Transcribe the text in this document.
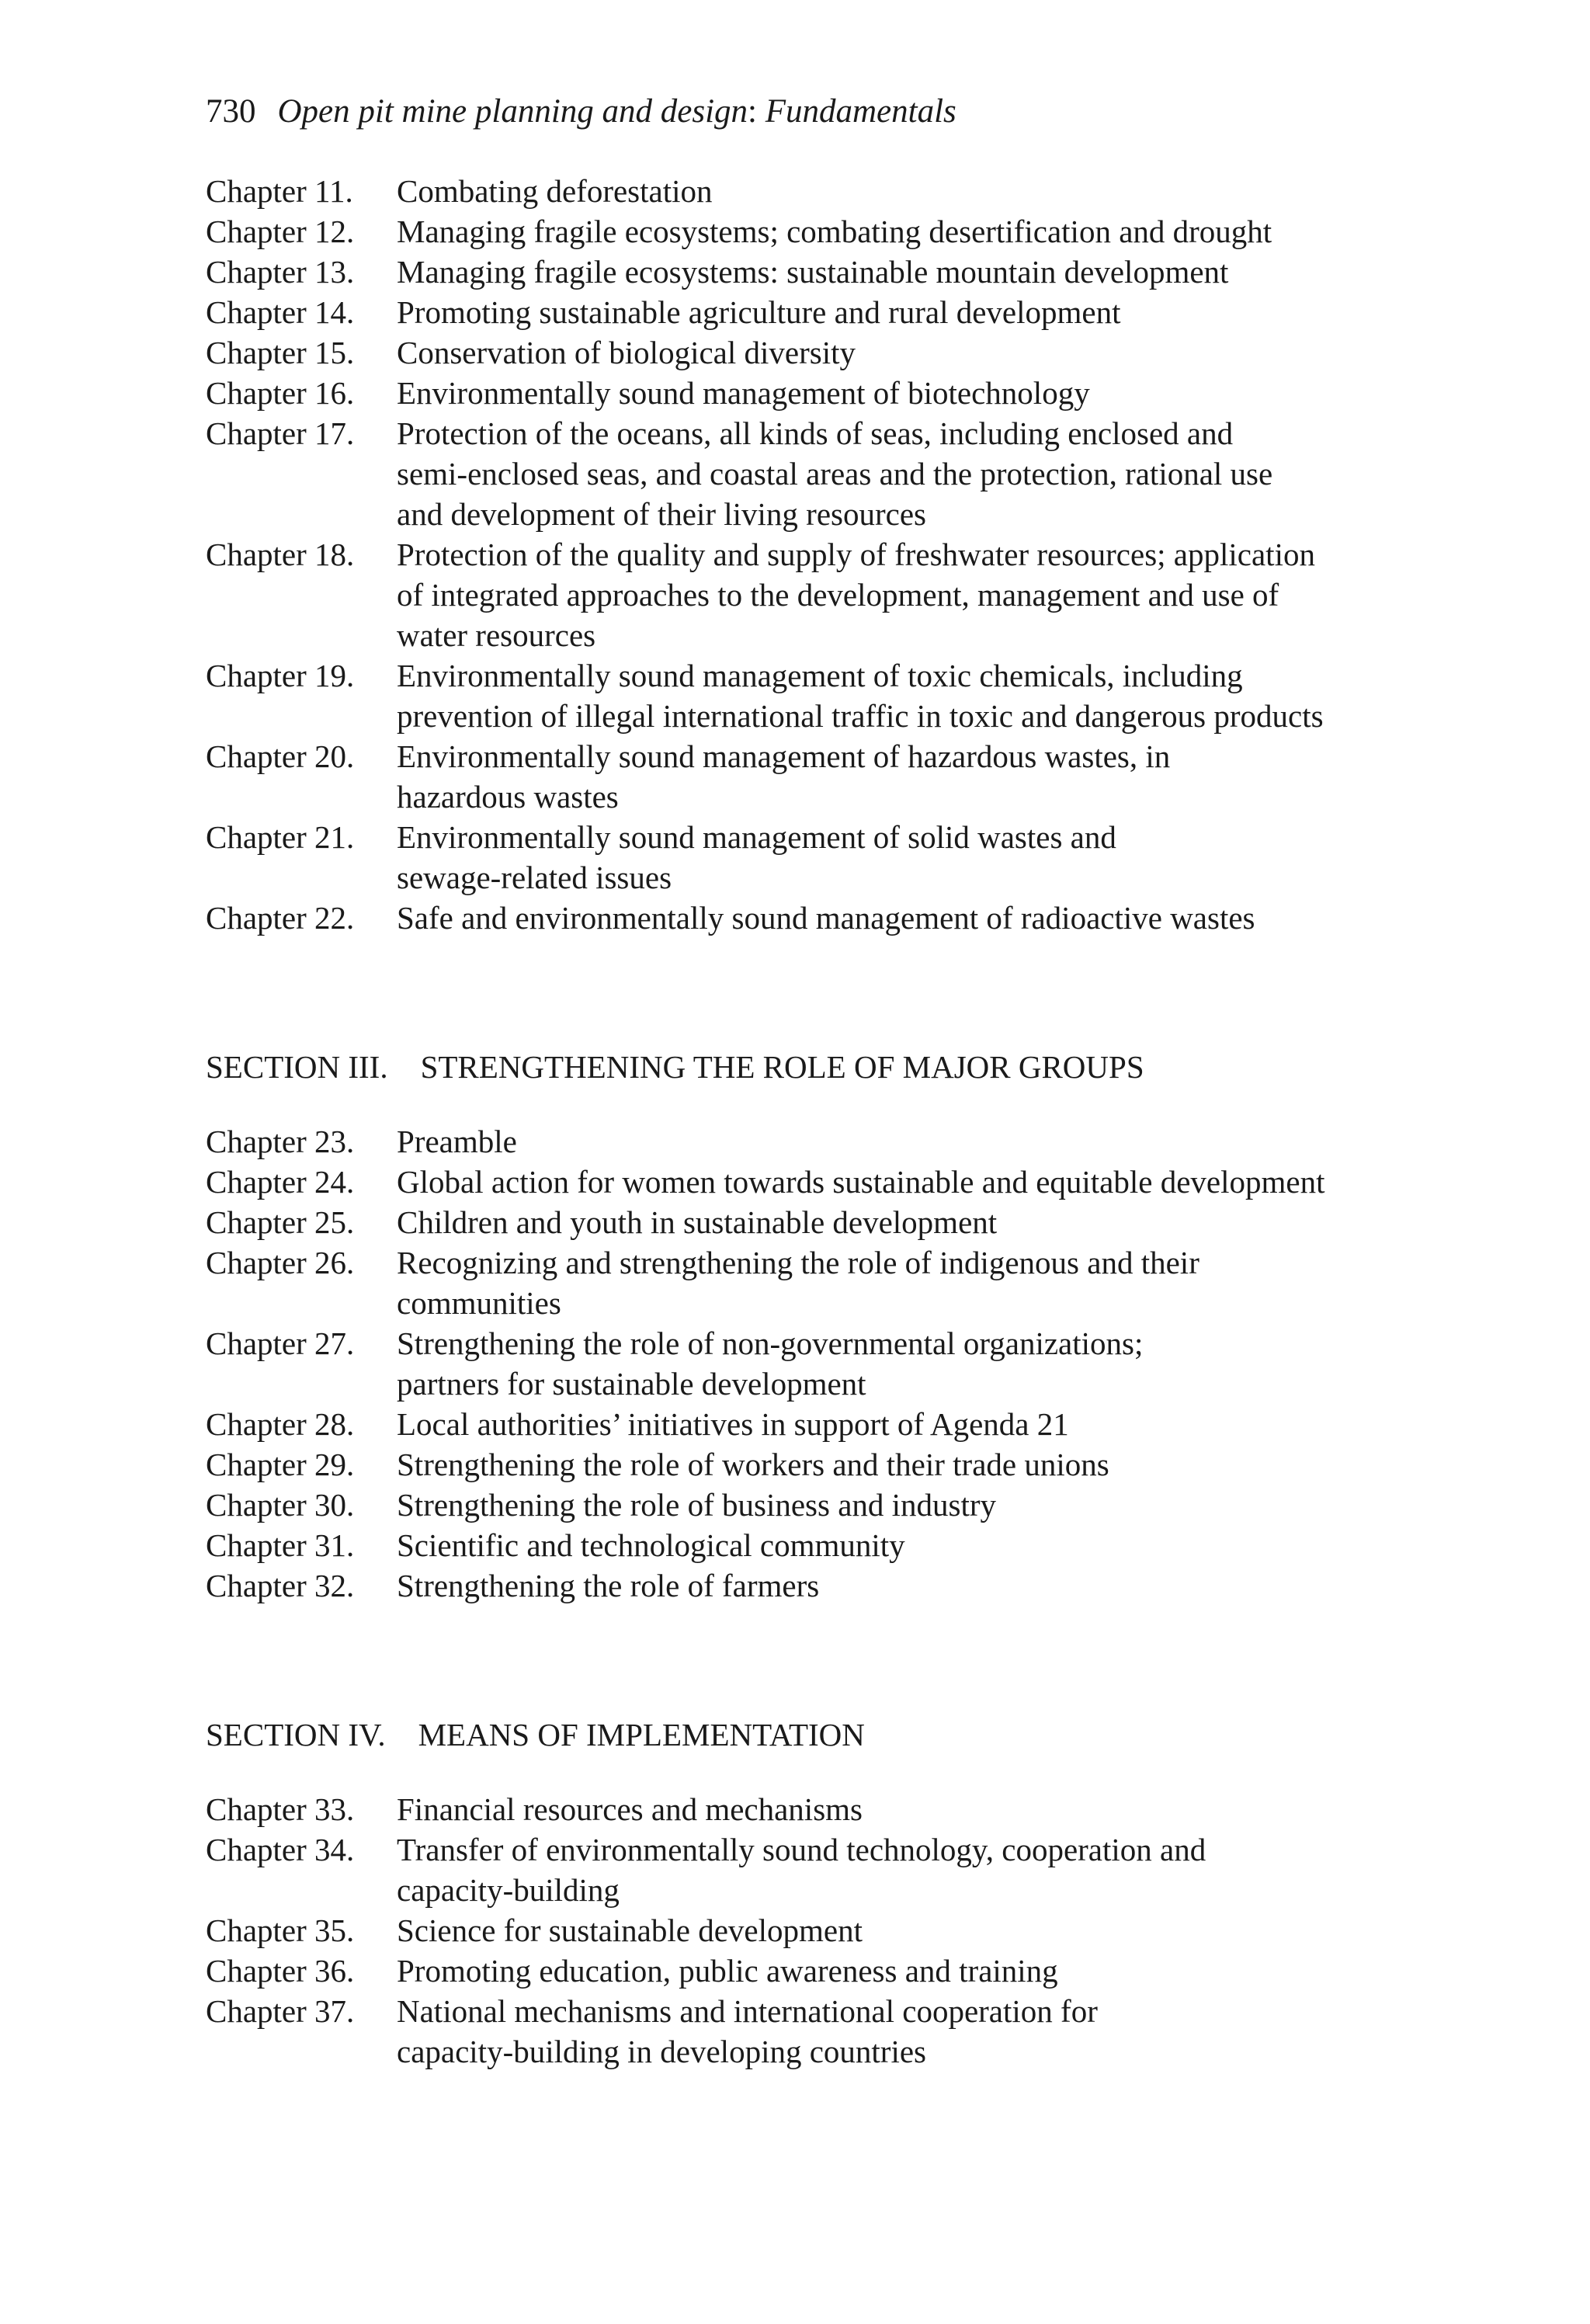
730 Open pit mine planning and design: Fundamentals
Chapter 11.	Combating deforestation
Chapter 12.	Managing fragile ecosystems; combating desertification and drought
Chapter 13.	Managing fragile ecosystems: sustainable mountain development
Chapter 14.	Promoting sustainable agriculture and rural development
Chapter 15.	Conservation of biological diversity
Chapter 16.	Environmentally sound management of biotechnology
Chapter 17.	Protection of the oceans, all kinds of seas, including enclosed and
semi-enclosed seas, and coastal areas and the protection, rational use
and development of their living resources
Chapter 18.	Protection of the quality and supply of freshwater resources; application
of integrated approaches to the development, management and use of
water resources
Chapter 19.	Environmentally sound management of toxic chemicals, including
prevention of illegal international traffic in toxic and dangerous products
Chapter 20.	Environmentally sound management of hazardous wastes, in
hazardous wastes
Chapter 21.	Environmentally sound management of solid wastes and
sewage-related issues
Chapter 22.	Safe and environmentally sound management of radioactive wastes
SECTION III. STRENGTHENING THE ROLE OF MAJOR GROUPS
Chapter 23.	Preamble
Chapter 24.	Global action for women towards sustainable and equitable development
Chapter 25.	Children and youth in sustainable development
Chapter 26.	Recognizing and strengthening the role of indigenous and their
communities
Chapter 27.	Strengthening the role of non-governmental organizations;
partners for sustainable development
Chapter 28.	Local authorities’ initiatives in support of Agenda 21
Chapter 29.	Strengthening the role of workers and their trade unions
Chapter 30.	Strengthening the role of business and industry
Chapter 31.	Scientific and technological community
Chapter 32.	Strengthening the role of farmers
SECTION IV. MEANS OF IMPLEMENTATION
Chapter 33.	Financial resources and mechanisms
Chapter 34.	Transfer of environmentally sound technology, cooperation and
capacity-building
Chapter 35.	Science for sustainable development
Chapter 36.	Promoting education, public awareness and training
Chapter 37.	National mechanisms and international cooperation for
capacity-building in developing countries
